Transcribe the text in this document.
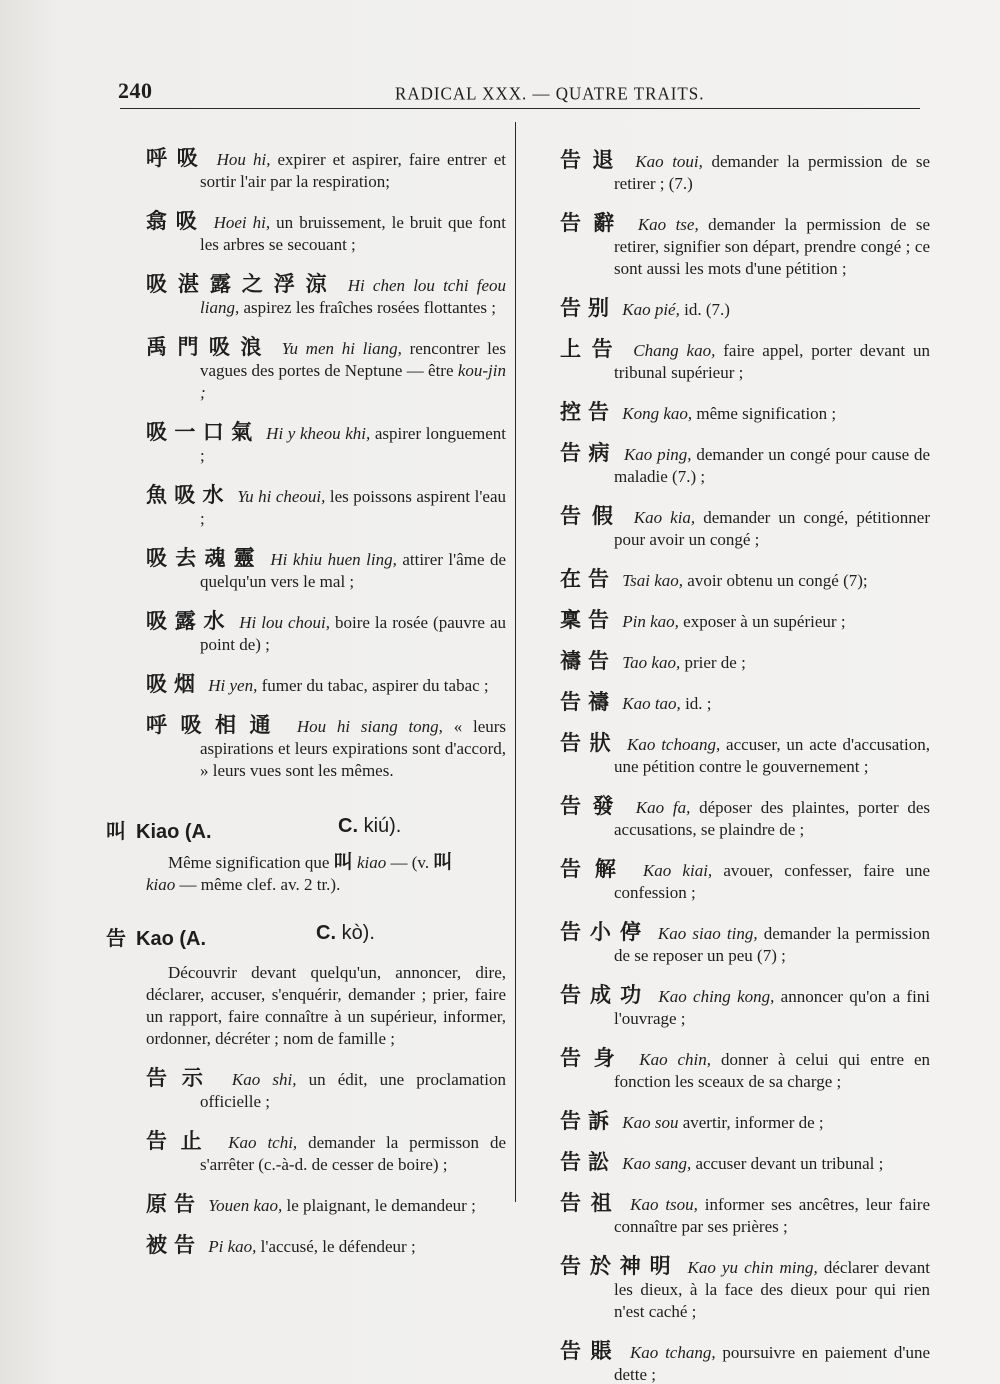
240	RADICAL XXX. — QUATRE TRAITS.

呼吸 Hou hi, expirer et aspirer, faire entrer et sortir l'air par la respiration;

翕吸 Hoei hi, un bruissement, le bruit que font les arbres se secouant ;

吸湛露之浮涼 Hi chen lou tchi feou liang, aspirez les fraîches rosées flottantes ;

禹門吸浪 Yu men hi liang, rencontrer les vagues des portes de Neptune — être kou-jin ;

吸一口氣 Hi y kheou khi, aspirer longuement ;

魚吸水 Yu hi cheoui, les poissons aspirent l'eau ;

吸去魂靈 Hi khiu huen ling, attirer l'âme de quelqu'un vers le mal ;

吸露水 Hi lou choui, boire la rosée (pauvre au point de) ;

吸烟 Hi yen, fumer du tabac, aspirer du tabac ;

呼吸相通 Hou hi siang tong, « leurs aspirations et leurs expirations sont d'accord, » leurs vues sont les mêmes.

叫 Kiao (A.	C. kiú).

Même signification que 叫 kiao — (v. 叫
kiao — même clef. av. 2 tr.).

告 Kao (A.	C. kò).

Découvrir devant quelqu'un, annoncer, dire, déclarer, accuser, s'enquérir, demander ; prier, faire un rapport, faire connaître à un supérieur, informer, ordonner, décréter ; nom de famille ;

告示 Kao shi, un édit, une proclamation officielle ;

告止 Kao tchi, demander la permisson de s'arrêter (c.-à-d. de cesser de boire) ;

原告 Youen kao, le plaignant, le demandeur ;

被告 Pi kao, l'accusé, le défendeur ;

告退 Kao toui, demander la permission de se retirer ; (7.)

告辭 Kao tse, demander la permission de se retirer, signifier son départ, prendre congé ; ce sont aussi les mots d'une pétition ;

告别 Kao pié, id. (7.)

上告 Chang kao, faire appel, porter devant un tribunal supérieur ;

控告 Kong kao, même signification ;

告病 Kao ping, demander un congé pour cause de maladie (7.) ;

告假 Kao kia, demander un congé, pétitionner pour avoir un congé ;

在告 Tsai kao, avoir obtenu un congé (7);

稟告 Pin kao, exposer à un supérieur ;

禱告 Tao kao, prier de ;

告禱 Kao tao, id. ;

告狀 Kao tchoang, accuser, un acte d'accusation, une pétition contre le gouvernement ;

告發 Kao fa, déposer des plaintes, porter des accusations, se plaindre de ;

告解 Kao kiai, avouer, confesser, faire une confession ;

告小停 Kao siao ting, demander la permission de se reposer un peu (7) ;

告成功 Kao ching kong, annoncer qu'on a fini l'ouvrage ;

告身 Kao chin, donner à celui qui entre en fonction les sceaux de sa charge ;

告訴 Kao sou avertir, informer de ;

告訟 Kao sang, accuser devant un tribunal ;

告祖 Kao tsou, informer ses ancêtres, leur faire connaître par ses prières ;

告於神明 Kao yu chin ming, déclarer devant les dieux, à la face des dieux pour qui rien n'est caché ;

告賬 Kao tchang, poursuivre en paiement d'une dette ;
